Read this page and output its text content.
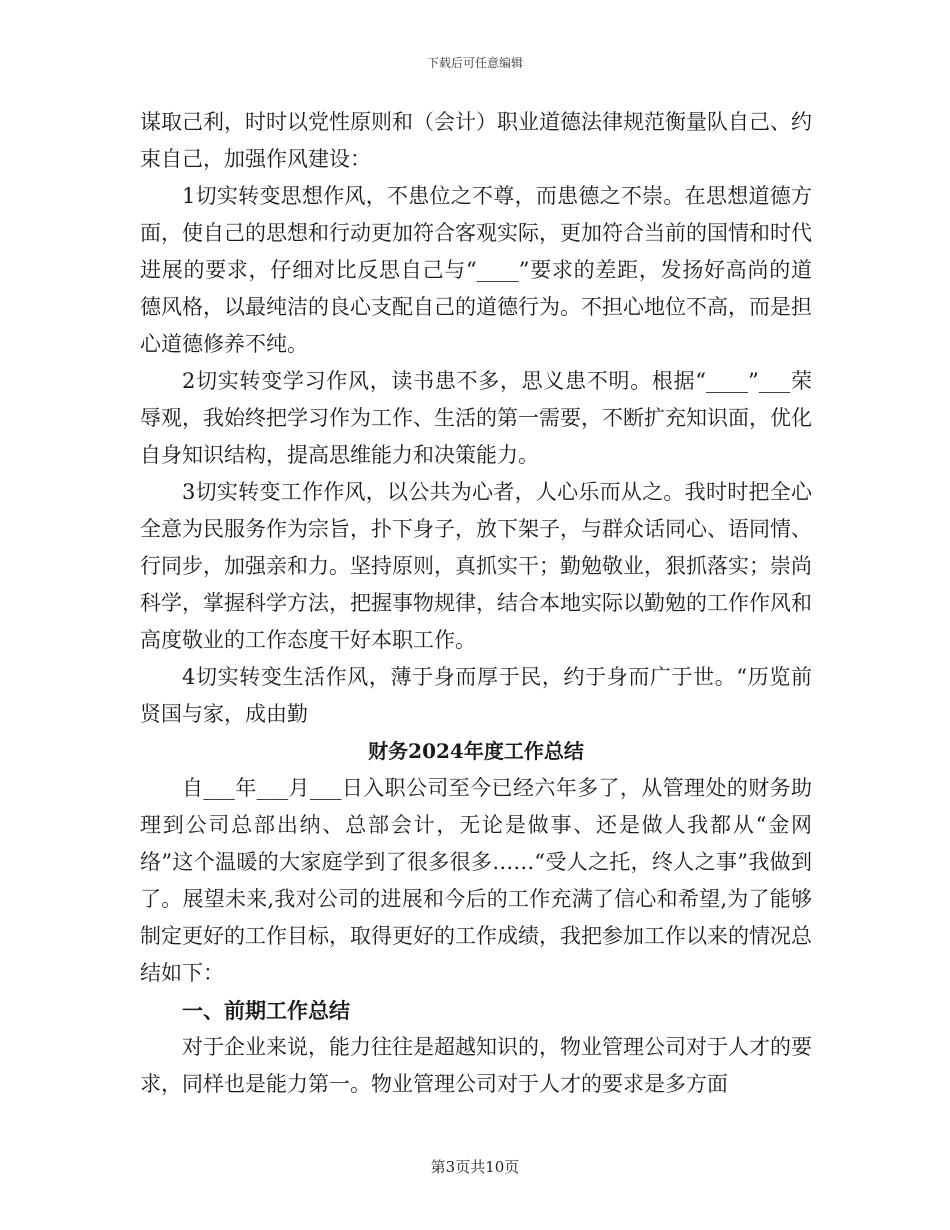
下载后可任意编辑

谋取己利，时时以党性原则和（会计）职业道德法律规范衡量队自己、约束自己，加强作风建设：

1切实转变思想作风，不患位之不尊，而患德之不崇。在思想道德方面，使自己的思想和行动更加符合客观实际，更加符合当前的国情和时代进展的要求，仔细对比反思自己与“____”要求的差距，发扬好高尚的道德风格，以最纯洁的良心支配自己的道德行为。不担心地位不高，而是担心道德修养不纯。

2切实转变学习作风，读书患不多，思义患不明。根据“____”___荣辱观，我始终把学习作为工作、生活的第一需要，不断扩充知识面，优化自身知识结构，提高思维能力和决策能力。

3切实转变工作作风，以公共为心者，人心乐而从之。我时时把全心全意为民服务作为宗旨，扑下身子，放下架子，与群众话同心、语同情、行同步，加强亲和力。坚持原则，真抓实干；勤勉敬业，狠抓落实；崇尚科学，掌握科学方法，把握事物规律，结合本地实际以勤勉的工作作风和高度敬业的工作态度干好本职工作。

4切实转变生活作风，薄于身而厚于民，约于身而广于世。“历览前贤国与家，成由勤

财务2024年度工作总结

自___年___月___日入职公司至今已经六年多了，从管理处的财务助理到公司总部出纳、总部会计，无论是做事、还是做人我都从“金网络”这个温暖的大家庭学到了很多很多……“受人之托，终人之事”我做到了。展望未来,我对公司的进展和今后的工作充满了信心和希望,为了能够制定更好的工作目标，取得更好的工作成绩，我把参加工作以来的情况总结如下：

一、前期工作总结

对于企业来说，能力往往是超越知识的，物业管理公司对于人才的要求，同样也是能力第一。物业管理公司对于人才的要求是多方面

第3页共10页
